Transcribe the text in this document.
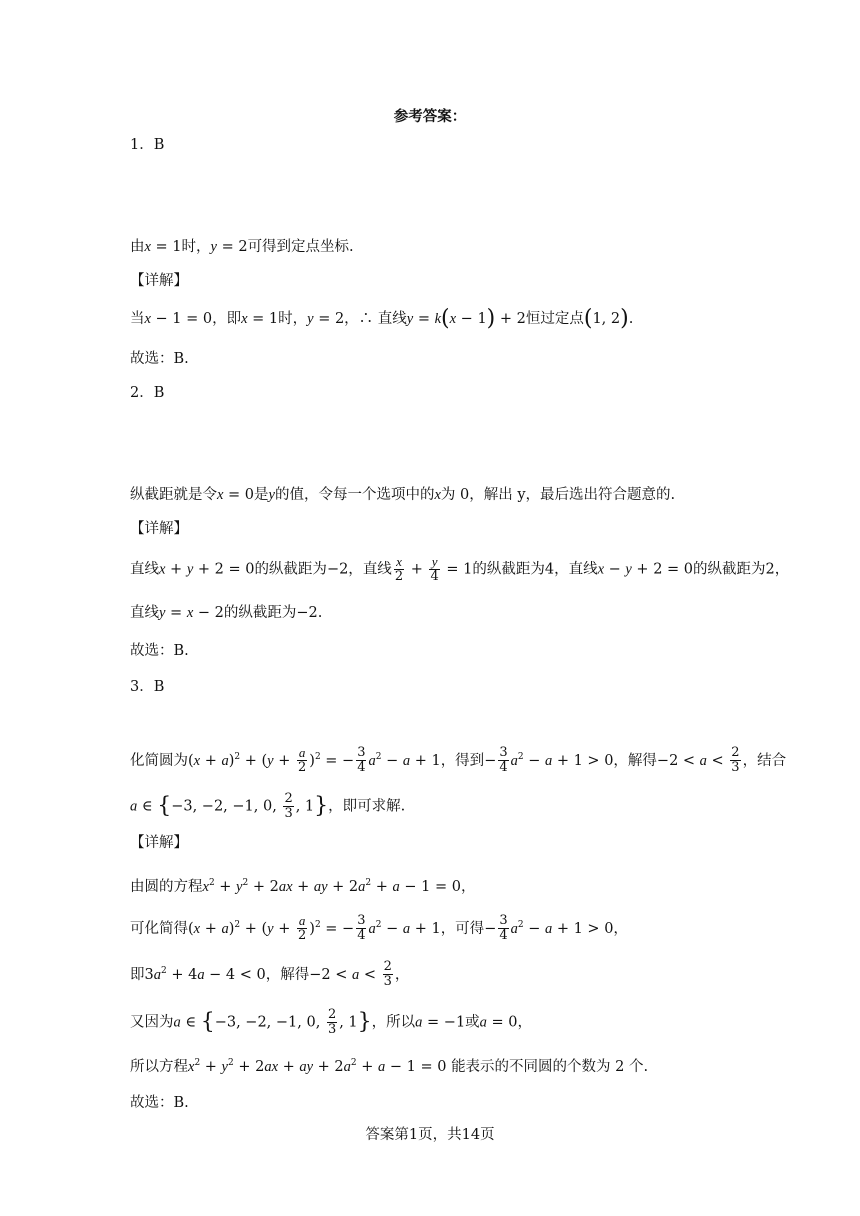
参考答案：
1．B
由x = 1时，y = 2可得到定点坐标.
【详解】
当x − 1 = 0，即x = 1时，y = 2，∴ 直线y = k(x − 1) + 2恒过定点(1, 2).
故选：B.
2．B
纵截距就是令x = 0是y的值，令每一个选项中的x为 0，解出 y，最后选出符合题意的.
【详解】
直线x + y + 2 = 0的纵截距为−2，直线 $\frac{x}{2} + \frac{y}{4} = 1$的纵截距为4，直线x − y + 2 = 0的纵截距为2，
直线y = x − 2的纵截距为−2.
故选：B.
3．B
化简圆为$(x + a)^2 + (y + \frac{a}{2} )^2$ = − $\frac{3}{4} a^2 - a + 1$，得到− $\frac{3}{4} a^2 - a + 1 > 0$，解得$-2 < a < \frac{2}{3}$ ，结合
a ∈ {−3, −2, −1, 0, $\frac{2}{3}$ , 1}，即可求解.
【详解】
由圆的方程$x^2 + y^2 + 2ax$ + ay + $2a^2 + a - 1 = 0$，
可化简得$(x + a)^2 + (y + \frac{a}{2} )^2$ = − $\frac{3}{4} a^2 - a + 1$，可得− $\frac{3}{4} a^2 - a + 1 > 0$，
即$3a^2 + 4a - 4 < 0$，解得$-2 < a < \frac{2}{3}$ ，
又因为a ∈ {−3, −2, −1, 0, $\frac{2}{3}$ , 1}，所以a = −1或a = 0，
所以方程$x^2 + y^2 + 2ax$ + ay + $2a^2 + a - 1 = 0$ 能表示的不同圆的个数为 2 个.
故选：B.
答案第1页，共14页
